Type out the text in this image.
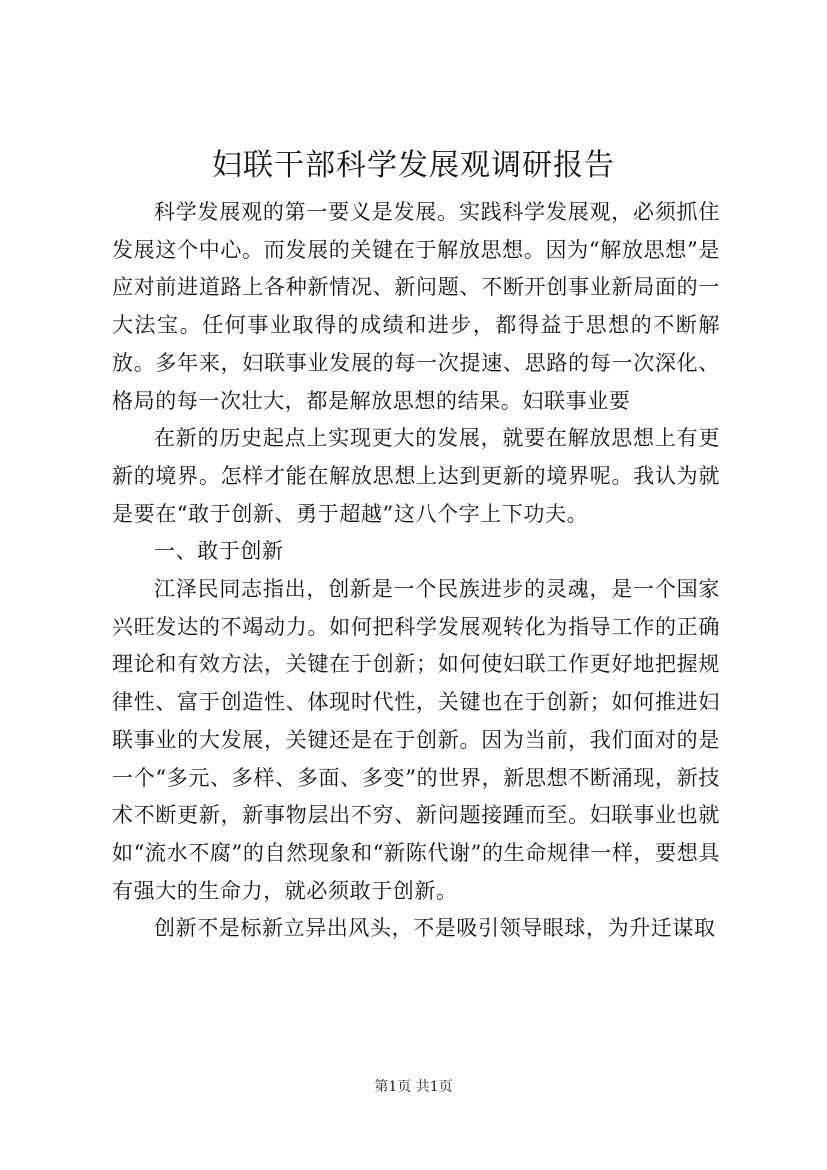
妇联干部科学发展观调研报告

科学发展观的第一要义是发展。实践科学发展观，必须抓住发展这个中心。而发展的关键在于解放思想。因为“解放思想”是应对前进道路上各种新情况、新问题、不断开创事业新局面的一大法宝。任何事业取得的成绩和进步，都得益于思想的不断解放。多年来，妇联事业发展的每一次提速、思路的每一次深化、格局的每一次壮大，都是解放思想的结果。妇联事业要

在新的历史起点上实现更大的发展，就要在解放思想上有更新的境界。怎样才能在解放思想上达到更新的境界呢。我认为就是要在“敢于创新、勇于超越”这八个字上下功夫。

一、敢于创新

江泽民同志指出，创新是一个民族进步的灵魂，是一个国家兴旺发达的不竭动力。如何把科学发展观转化为指导工作的正确理论和有效方法，关键在于创新；如何使妇联工作更好地把握规律性、富于创造性、体现时代性，关键也在于创新；如何推进妇联事业的大发展，关键还是在于创新。因为当前，我们面对的是一个“多元、多样、多面、多变”的世界，新思想不断涌现，新技术不断更新，新事物层出不穷、新问题接踵而至。妇联事业也就如“流水不腐”的自然现象和“新陈代谢”的生命规律一样，要想具有强大的生命力，就必须敢于创新。

创新不是标新立异出风头，不是吸引领导眼球，为升迁谋取

第1页 共1页
